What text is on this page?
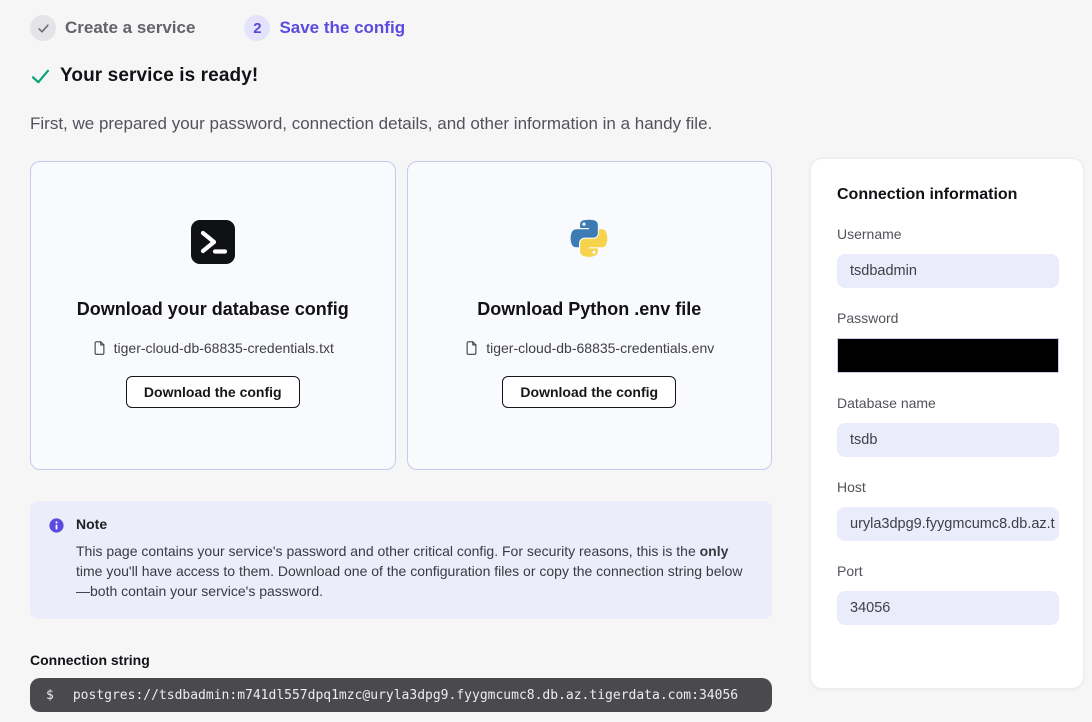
Create a service	2	Save the config
Your service is ready!
First, we prepared your password, connection details, and other information in a handy file.
Download your database config
tiger-cloud-db-68835-credentials.txt
Download the config
Download Python .env file
tiger-cloud-db-68835-credentials.env
Download the config
Note
This page contains your service's password and other critical config. For security reasons, this is the only time you'll have access to them. Download one of the configuration files or copy the connection string below—both contain your service's password.
Connection string
$ postgres://tsdbadmin:m741dl557dpq1mzc@uryla3dpg9.fyygmcumc8.db.az.tigerdata.com:34056
Connection information
Username
tsdbadmin
Password
Database name
tsdb
Host
uryla3dpg9.fyygmcumc8.db.az.t
Port
34056
